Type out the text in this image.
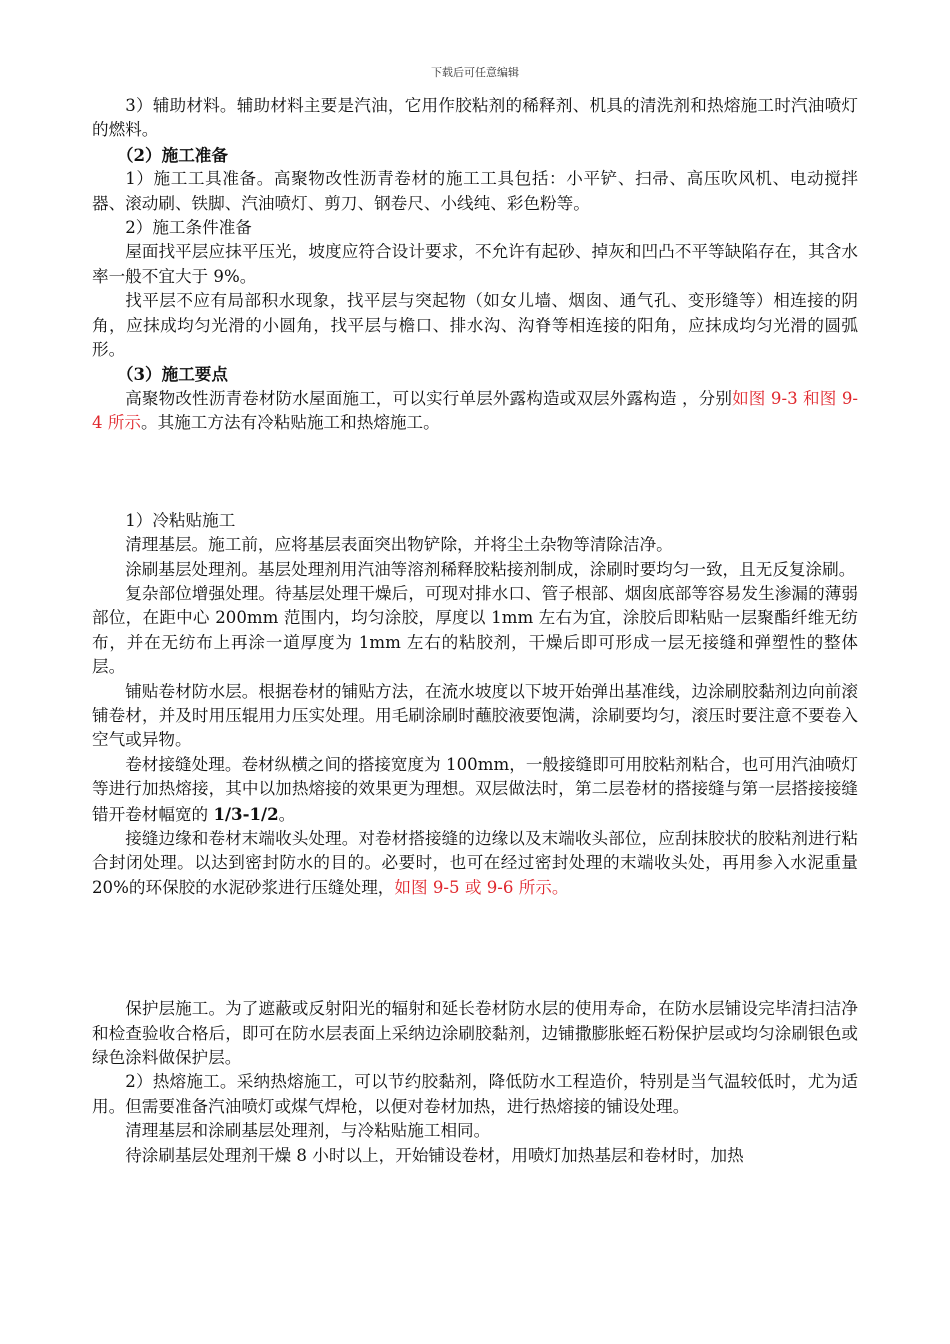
下载后可任意编辑

3）辅助材料。辅助材料主要是汽油，它用作胶粘剂的稀释剂、机具的清洗剂和热熔施工时汽油喷灯的燃料。

（2）施工准备

1）施工工具准备。高聚物改性沥青卷材的施工工具包括：小平铲、扫帚、高压吹风机、电动搅拌器、滚动刷、铁脚、汽油喷灯、剪刀、钢卷尺、小线纯、彩色粉等。

2）施工条件准备

屋面找平层应抹平压光，坡度应符合设计要求，不允许有起砂、掉灰和凹凸不平等缺陷存在，其含水率一般不宜大于 9%。

找平层不应有局部积水现象，找平层与突起物（如女儿墙、烟囱、通气孔、变形缝等）相连接的阴角，应抹成均匀光滑的小圆角，找平层与檐口、排水沟、沟脊等相连接的阳角，应抹成均匀光滑的圆弧形。

（3）施工要点

高聚物改性沥青卷材防水屋面施工，可以实行单层外露构造或双层外露构造 ，分别如图 9-3 和图 9-4 所示。其施工方法有冷粘贴施工和热熔施工。

1）冷粘贴施工

清理基层。施工前，应将基层表面突出物铲除，并将尘土杂物等清除洁净。

涂刷基层处理剂。基层处理剂用汽油等溶剂稀释胶粘接剂制成，涂刷时要均匀一致，且无反复涂刷。

复杂部位增强处理。待基层处理干燥后，可现对排水口、管子根部、烟囱底部等容易发生渗漏的薄弱部位，在距中心 200mm 范围内，均匀涂胶，厚度以 1mm 左右为宜，涂胶后即粘贴一层聚酯纤维无纺布，并在无纺布上再涂一道厚度为 1mm 左右的粘胶剂，干燥后即可形成一层无接缝和弹塑性的整体层。

铺贴卷材防水层。根据卷材的铺贴方法，在流水坡度以下坡开始弹出基准线，边涂刷胶黏剂边向前滚铺卷材，并及时用压辊用力压实处理。用毛刷涂刷时蘸胶液要饱满，涂刷要均匀，滚压时要注意不要卷入空气或异物。

卷材接缝处理。卷材纵横之间的搭接宽度为 100mm，一般接缝即可用胶粘剂粘合，也可用汽油喷灯等进行加热熔接，其中以加热熔接的效果更为理想。双层做法时，第二层卷材的搭接缝与第一层搭接接缝错开卷材幅宽的 1/3-1/2。

接缝边缘和卷材末端收头处理。对卷材搭接缝的边缘以及末端收头部位，应刮抹胶状的胶粘剂进行粘合封闭处理。以达到密封防水的目的。必要时，也可在经过密封处理的末端收头处，再用参入水泥重量 20%的环保胶的水泥砂浆进行压缝处理，如图 9-5 或 9-6 所示。

保护层施工。为了遮蔽或反射阳光的辐射和延长卷材防水层的使用寿命，在防水层铺设完毕清扫洁净和检查验收合格后，即可在防水层表面上采纳边涂刷胶黏剂，边铺撒膨胀蛭石粉保护层或均匀涂刷银色或绿色涂料做保护层。

2）热熔施工。采纳热熔施工，可以节约胶黏剂，降低防水工程造价，特别是当气温较低时，尤为适用。但需要准备汽油喷灯或煤气焊枪，以便对卷材加热，进行热熔接的铺设处理。

清理基层和涂刷基层处理剂，与冷粘贴施工相同。

待涂刷基层处理剂干燥 8 小时以上，开始铺设卷材，用喷灯加热基层和卷材时，加热
